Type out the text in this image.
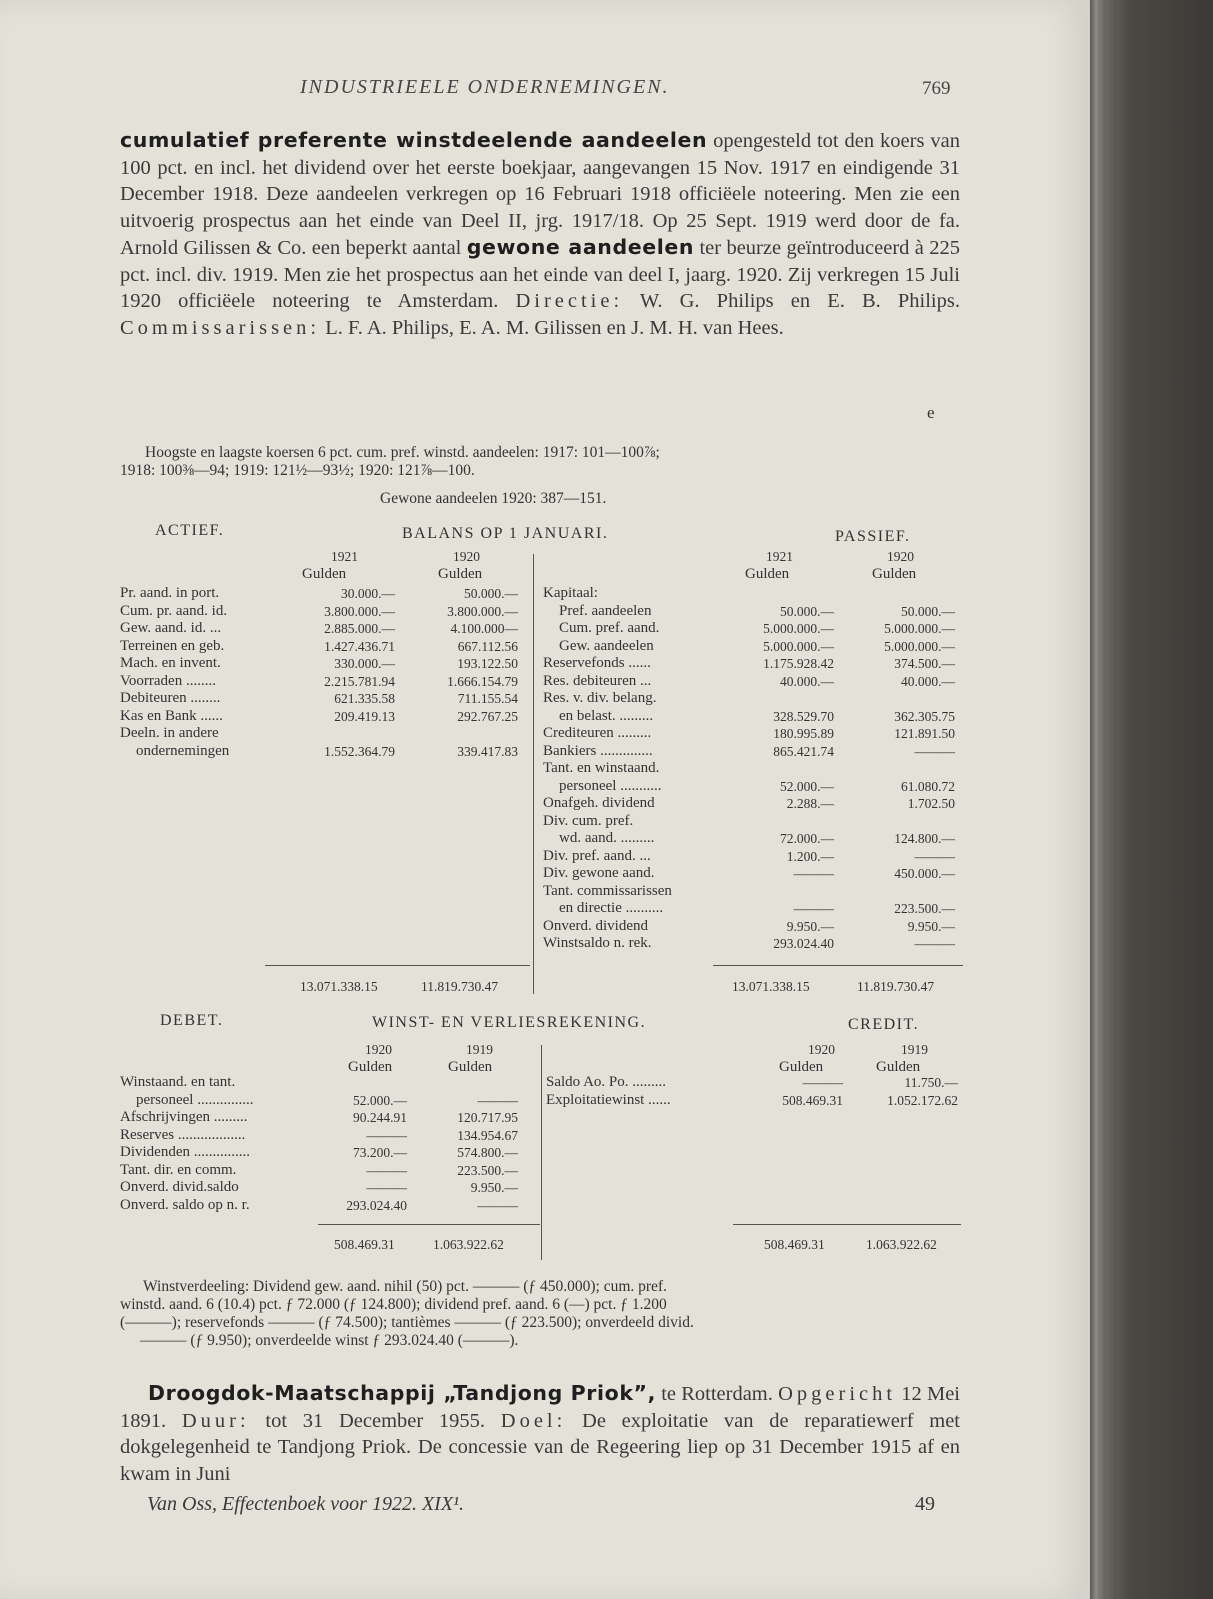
INDUSTRIEELE ONDERNEMINGEN.	769
cumulatief preferente winstdeelende aandeelen opengesteld tot den koers van 100 pct. en incl. het dividend over het eerste boekjaar, aangevangen 15 Nov. 1917 en eindigende 31 December 1918. Deze aandeelen verkregen op 16 Februari 1918 officiëele noteering. Men zie een uitvoerig prospectus aan het einde van Deel II, jrg. 1917/18. Op 25 Sept. 1919 werd door de fa. Arnold Gilissen & Co. een beperkt aantal gewone aandeelen ter beurze geïntroduceerd à 225 pct. incl. div. 1919. Men zie het prospectus aan het einde van deel I, jaarg. 1920. Zij verkregen 15 Juli 1920 officiëele noteering te Amsterdam. Directie: W. G. Philips en E. B. Philips. Commissarissen: L. F. A. Philips, E. A. M. Gilissen en J. M. H. van Hees.
e
Hoogste en laagste koersen 6 pct. cum. pref. winstd. aandeelen: 1917: 101—100⅞;
1918: 100⅜—94; 1919: 121½—93½; 1920: 121⅞—100.
Gewone aandeelen 1920: 387—151.
ACTIEF.	BALANS OP 1 JANUARI.	PASSIEF.
1921	1920	1921	1920
Gulden	Gulden	Gulden	Gulden
Pr. aand. in port.	30.000.—	50.000.—
Cum. pr. aand. id.	3.800.000.—	3.800.000.—
Gew. aand. id. ...	2.885.000.—	4.100.000—
Terreinen en geb.	1.427.436.71	667.112.56
Mach. en invent.	330.000.—	193.122.50
Voorraden ........	2.215.781.94	1.666.154.79
Debiteuren ........	621.335.58	711.155.54
Kas en Bank ......	209.419.13	292.767.25
Deeln. in andere
ondernemingen	1.552.364.79	339.417.83
Kapitaal:
Pref. aandeelen	50.000.—	50.000.—
Cum. pref. aand.	5.000.000.—	5.000.000.—
Gew. aandeelen	5.000.000.—	5.000.000.—
Reservefonds ......	1.175.928.42	374.500.—
Res. debiteuren ...	40.000.—	40.000.—
Res. v. div. belang.
en belast. .........	328.529.70	362.305.75
Crediteuren .........	180.995.89	121.891.50
Bankiers ..............	865.421.74	———
Tant. en winstaand.
personeel ...........	52.000.—	61.080.72
Onafgeh. dividend	2.288.—	1.702.50
Div. cum. pref.
wd. aand. .........	72.000.—	124.800.—
Div. pref. aand. ...	1.200.—	———
Div. gewone aand.	———	450.000.—
Tant. commissarissen
en directie ..........	———	223.500.—
Onverd. dividend	9.950.—	9.950.—
Winstsaldo n. rek.	293.024.40	———
13.071.338.15	11.819.730.47	13.071.338.15	11.819.730.47
DEBET.	WINST- EN VERLIESREKENING.	CREDIT.
1920	1919	1920	1919
Gulden	Gulden	Gulden	Gulden
Winstaand. en tant.
personeel ...............	52.000.—	———
Afschrijvingen .........	90.244.91	120.717.95
Reserves ..................	———	134.954.67
Dividenden ...............	73.200.—	574.800.—
Tant. dir. en comm.	———	223.500.—
Onverd. divid.saldo	———	9.950.—
Onverd. saldo op n. r.	293.024.40	———
Saldo Ao. Po. .........	———	11.750.—
Exploitatiewinst ......	508.469.31	1.052.172.62
508.469.31	1.063.922.62	508.469.31	1.063.922.62
Winstverdeeling: Dividend gew. aand. nihil (50) pct. ——— (ƒ 450.000); cum. pref.
winstd. aand. 6 (10.4) pct. ƒ 72.000 (ƒ 124.800); dividend pref. aand. 6 (—) pct. ƒ 1.200
(———); reservefonds ——— (ƒ 74.500); tantièmes ——— (ƒ 223.500); onverdeeld divid.
——— (ƒ 9.950); onverdeelde winst ƒ 293.024.40 (———).
Droogdok-Maatschappij „Tandjong Priok”, te Rotterdam. Opgericht 12 Mei 1891. Duur: tot 31 December 1955. Doel: De exploitatie van de reparatiewerf met dokgelegenheid te Tandjong Priok. De concessie van de Regeering liep op 31 December 1915 af en kwam in Juni
Van Oss, Effectenboek voor 1922. XIX¹.	49
